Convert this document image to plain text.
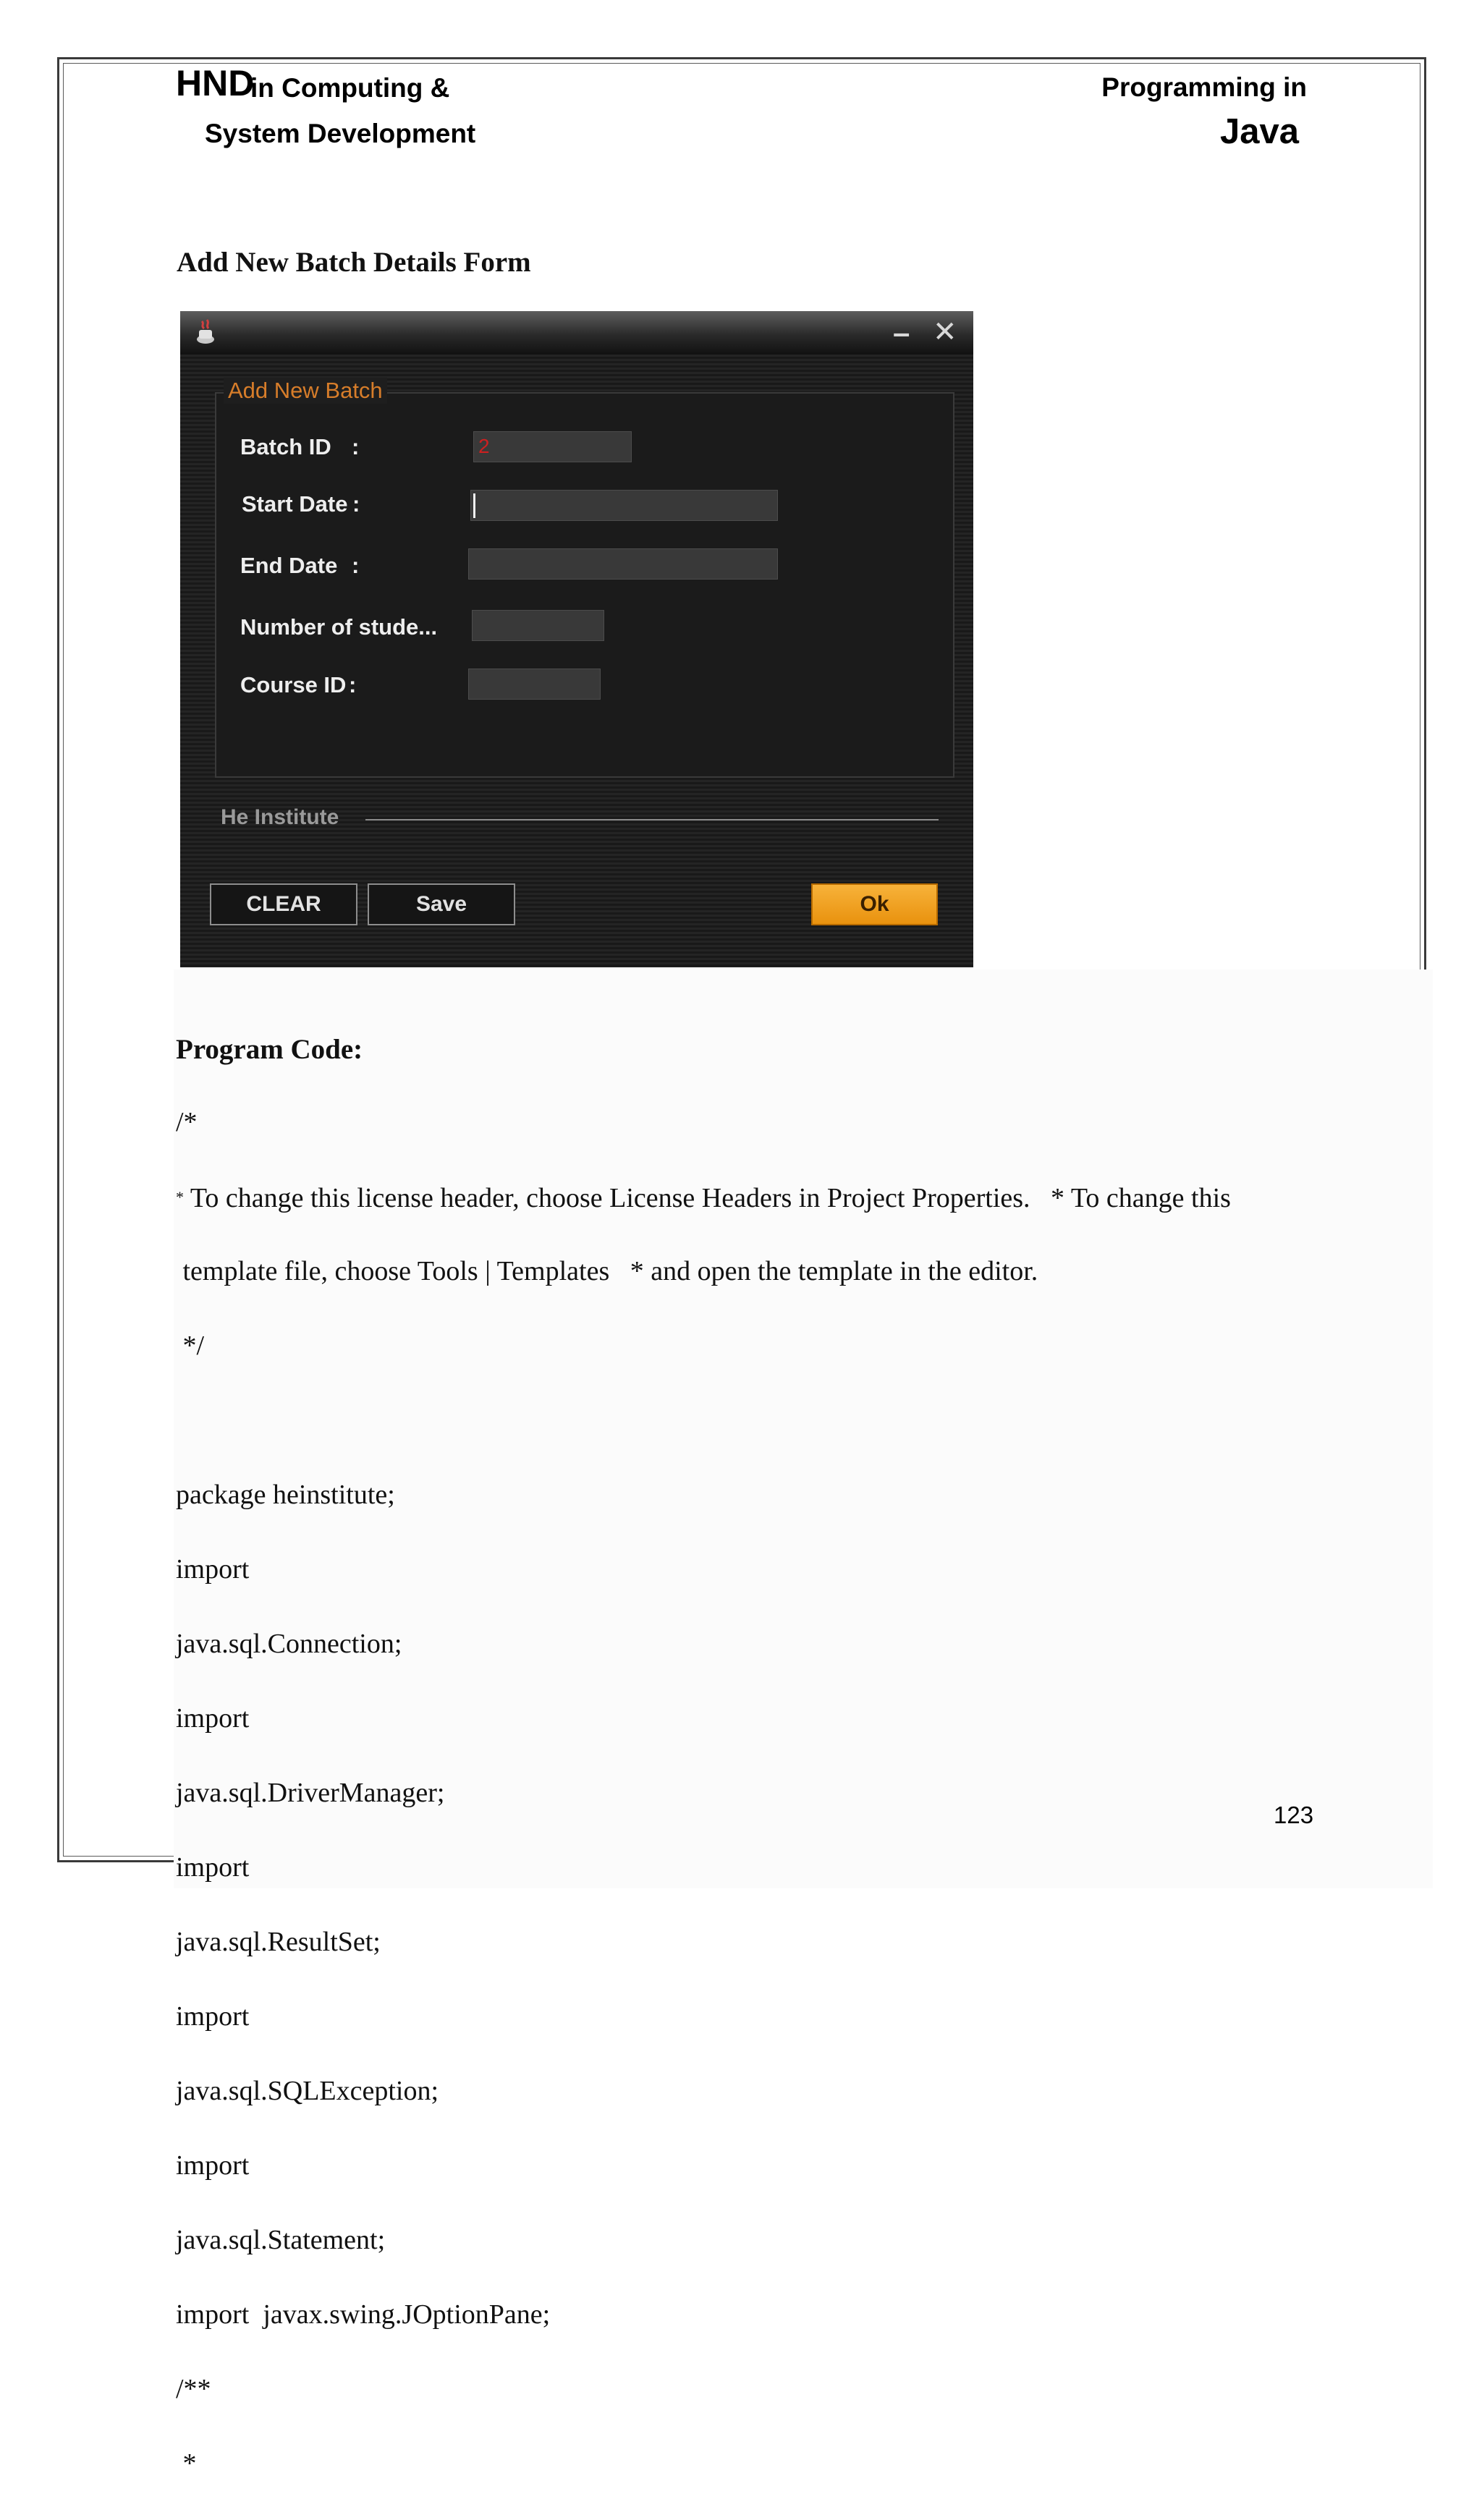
HND
in Computing &
System Development
Programming in
Java
Add New Batch Details Form
– ✕
Add New Batch
Batch ID :	2
Start Date :
End Date :
Number of stude...
Course ID :
He Institute
CLEAR	Save	Ok
Program Code:

/*

* To change this license header, choose License Headers in Project Properties.   * To change this

template file, choose Tools | Templates   * and open the template in the editor.

*/

package heinstitute;

import

java.sql.Connection;

import

java.sql.DriverManager;

import

java.sql.ResultSet;

import

java.sql.SQLException;

import

java.sql.Statement;

import  javax.swing.JOptionPane;

/**

*

123
